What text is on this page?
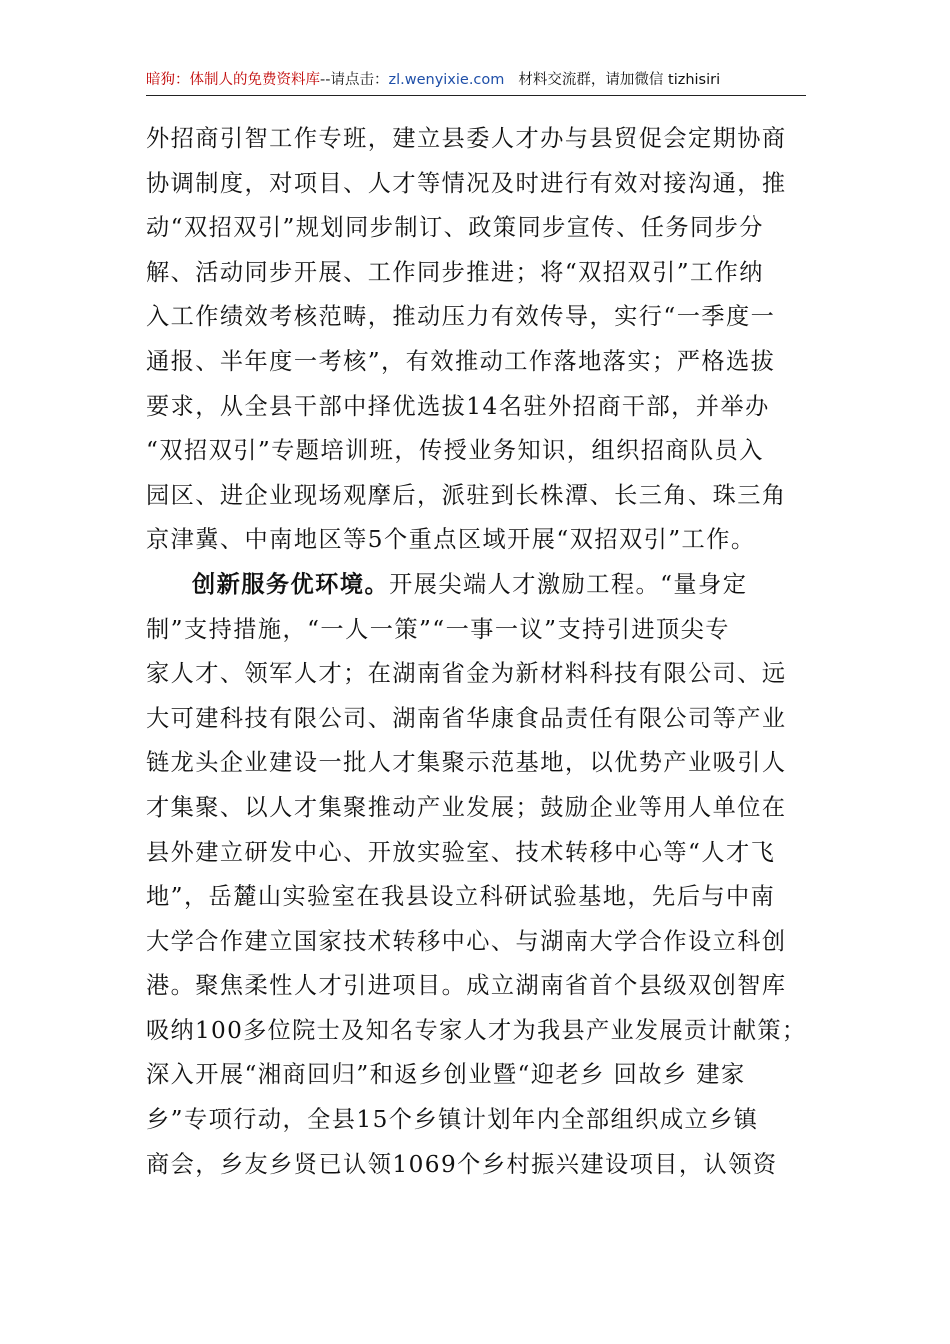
暗狗：体制人的免费资料库--请点击：zl.wenyixie.com 材料交流群，请加微信 tizhisiri
外招商引智工作专班，建立县委人才办与县贸促会定期协商
协调制度，对项目、人才等情况及时进行有效对接沟通，推
动“双招双引”规划同步制订、政策同步宣传、任务同步分
解、活动同步开展、工作同步推进；将“双招双引”工作纳
入工作绩效考核范畴，推动压力有效传导，实行“一季度一
通报、半年度一考核”，有效推动工作落地落实；严格选拔
要求，从全县干部中择优选拔14名驻外招商干部，并举办
“双招双引”专题培训班，传授业务知识，组织招商队员入
园区、进企业现场观摩后，派驻到长株潭、长三角、珠三角
京津冀、中南地区等5个重点区域开展“双招双引”工作。
创新服务优环境。开展尖端人才激励工程。“量身定
制”支持措施，“一人一策”“一事一议”支持引进顶尖专
家人才、领军人才；在湖南省金为新材料科技有限公司、远
大可建科技有限公司、湖南省华康食品责任有限公司等产业
链龙头企业建设一批人才集聚示范基地，以优势产业吸引人
才集聚、以人才集聚推动产业发展；鼓励企业等用人单位在
县外建立研发中心、开放实验室、技术转移中心等“人才飞
地”，岳麓山实验室在我县设立科研试验基地，先后与中南
大学合作建立国家技术转移中心、与湖南大学合作设立科创
港。聚焦柔性人才引进项目。成立湖南省首个县级双创智库
吸纳100多位院士及知名专家人才为我县产业发展贡计献策；
深入开展“湘商回归”和返乡创业暨“迎老乡 回故乡 建家
乡”专项行动，全县15个乡镇计划年内全部组织成立乡镇
商会，乡友乡贤已认领1069个乡村振兴建设项目，认领资
